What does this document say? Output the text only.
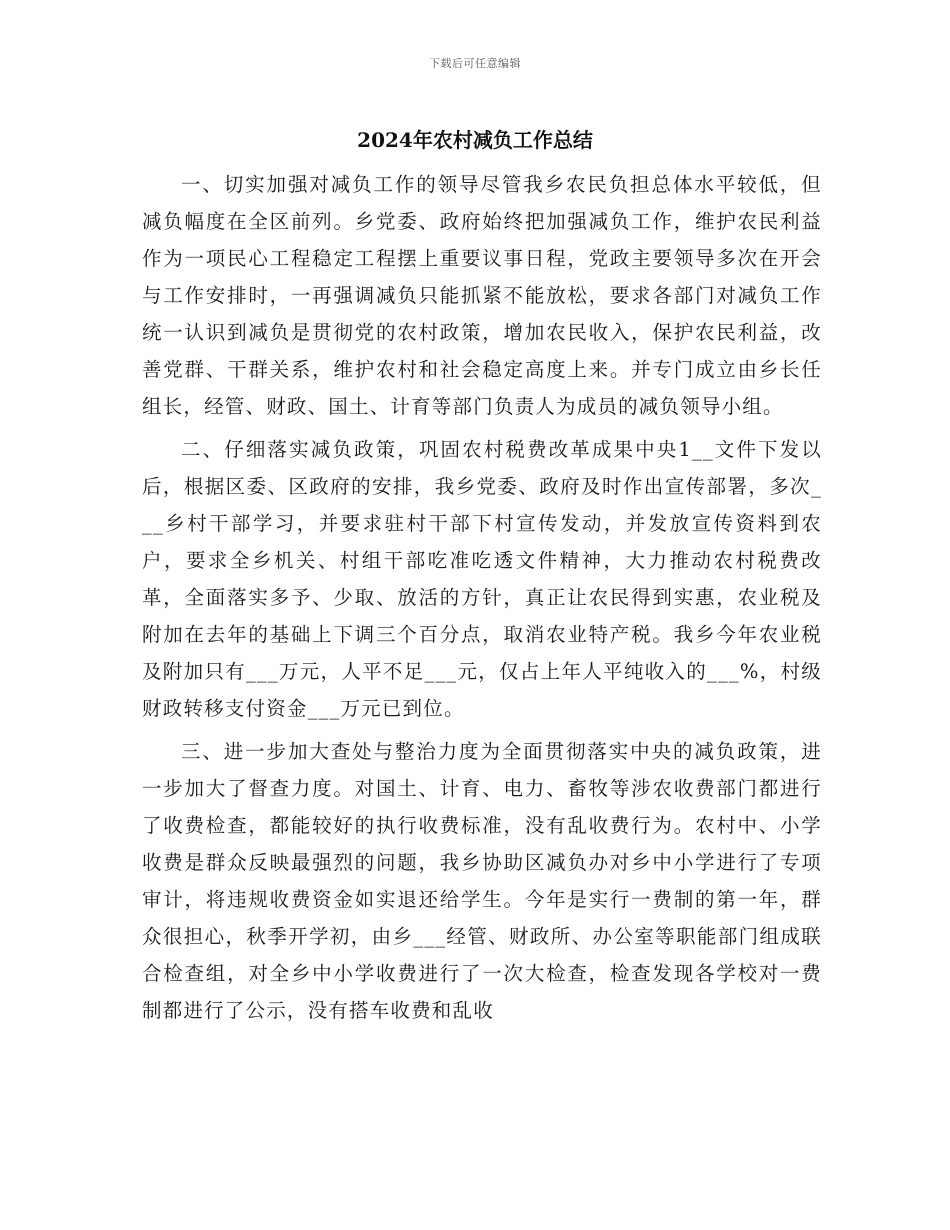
下载后可任意编辑
2024年农村减负工作总结

一、切实加强对减负工作的领导尽管我乡农民负担总体水平较低，但减负幅度在全区前列。乡党委、政府始终把加强减负工作，维护农民利益作为一项民心工程稳定工程摆上重要议事日程，党政主要领导多次在开会与工作安排时，一再强调减负只能抓紧不能放松，要求各部门对减负工作统一认识到减负是贯彻党的农村政策，增加农民收入，保护农民利益，改善党群、干群关系，维护农村和社会稳定高度上来。并专门成立由乡长任组长，经管、财政、国土、计育等部门负责人为成员的减负领导小组。

二、仔细落实减负政策，巩固农村税费改革成果中央1__文件下发以后，根据区委、区政府的安排，我乡党委、政府及时作出宣传部署，多次___乡村干部学习，并要求驻村干部下村宣传发动，并发放宣传资料到农户，要求全乡机关、村组干部吃准吃透文件精神，大力推动农村税费改革，全面落实多予、少取、放活的方针，真正让农民得到实惠，农业税及附加在去年的基础上下调三个百分点，取消农业特产税。我乡今年农业税及附加只有___万元，人平不足___元，仅占上年人平纯收入的___%，村级财政转移支付资金___万元已到位。

三、进一步加大查处与整治力度为全面贯彻落实中央的减负政策，进一步加大了督查力度。对国土、计育、电力、畜牧等涉农收费部门都进行了收费检查，都能较好的执行收费标准，没有乱收费行为。农村中、小学收费是群众反映最强烈的问题，我乡协助区减负办对乡中小学进行了专项审计，将违规收费资金如实退还给学生。今年是实行一费制的第一年，群众很担心，秋季开学初，由乡___经管、财政所、办公室等职能部门组成联合检查组，对全乡中小学收费进行了一次大检查，检查发现各学校对一费制都进行了公示，没有搭车收费和乱收
